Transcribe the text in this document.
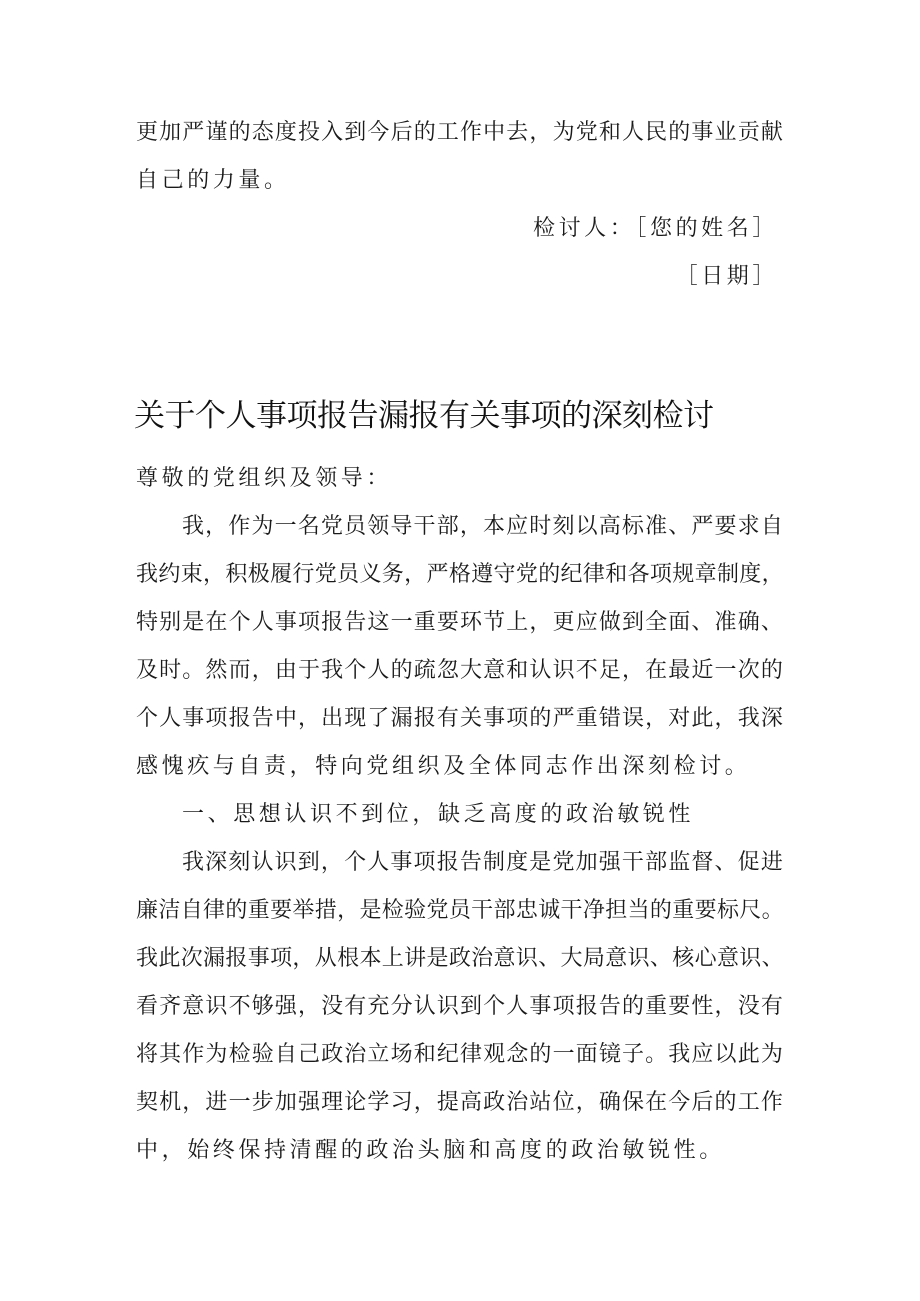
更加严谨的态度投入到今后的工作中去，为党和人民的事业贡献
自己的力量。
检讨人：［您的姓名］
［日期］
关于个人事项报告漏报有关事项的深刻检讨
尊敬的党组织及领导：
我，作为一名党员领导干部，本应时刻以高标准、严要求自
我约束，积极履行党员义务，严格遵守党的纪律和各项规章制度，
特别是在个人事项报告这一重要环节上，更应做到全面、准确、
及时。然而，由于我个人的疏忽大意和认识不足，在最近一次的
个人事项报告中，出现了漏报有关事项的严重错误，对此，我深
感愧疚与自责，特向党组织及全体同志作出深刻检讨。
一、思想认识不到位，缺乏高度的政治敏锐性
我深刻认识到，个人事项报告制度是党加强干部监督、促进
廉洁自律的重要举措，是检验党员干部忠诚干净担当的重要标尺。
我此次漏报事项，从根本上讲是政治意识、大局意识、核心意识、
看齐意识不够强，没有充分认识到个人事项报告的重要性，没有
将其作为检验自己政治立场和纪律观念的一面镜子。我应以此为
契机，进一步加强理论学习，提高政治站位，确保在今后的工作
中，始终保持清醒的政治头脑和高度的政治敏锐性。
